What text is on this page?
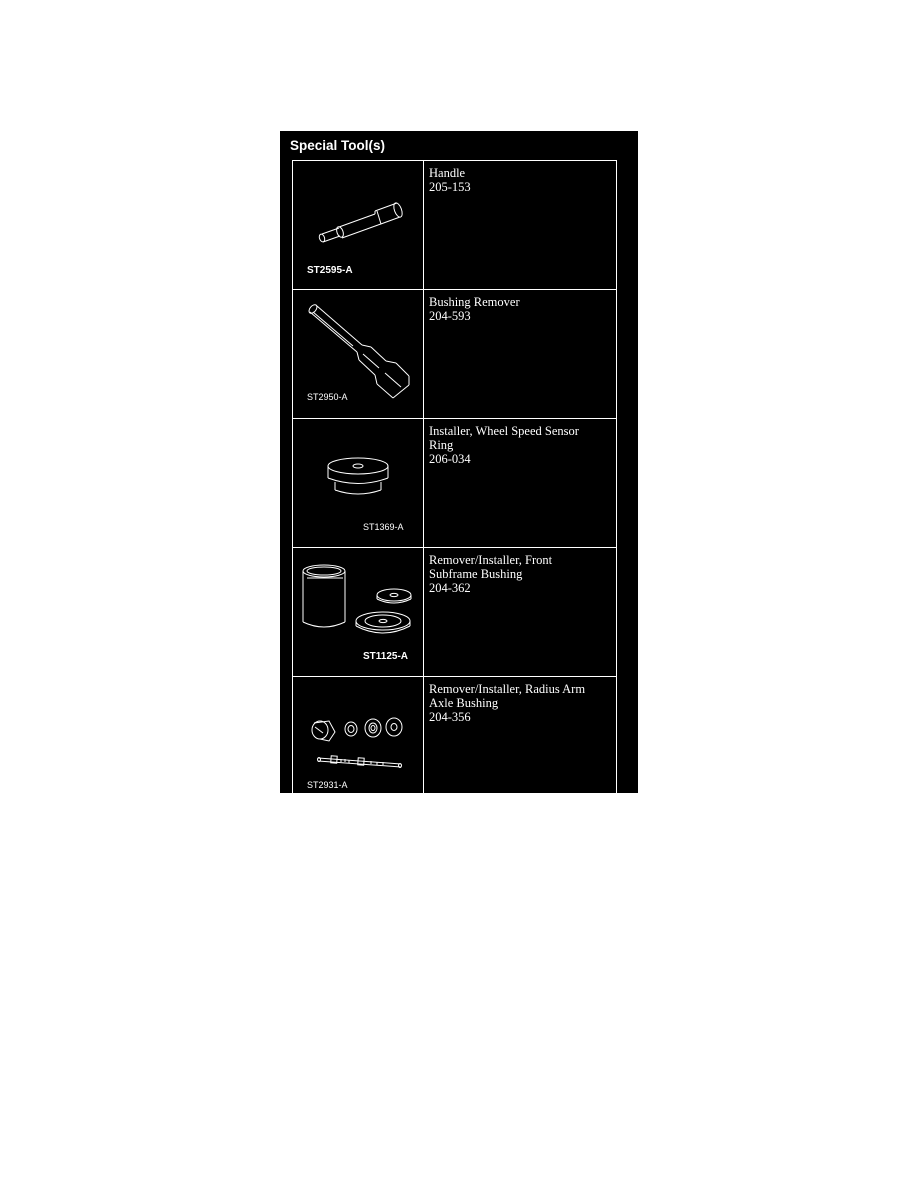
Special Tool(s)
ST2595-A	Handle
205-153

ST2950-A	Bushing Remover
204-593

ST1369-A	Installer, Wheel Speed Sensor
Ring
206-034

ST1125-A	Remover/Installer, Front
Subframe Bushing
204-362

ST2931-A	Remover/Installer, Radius Arm
Axle Bushing
204-356
